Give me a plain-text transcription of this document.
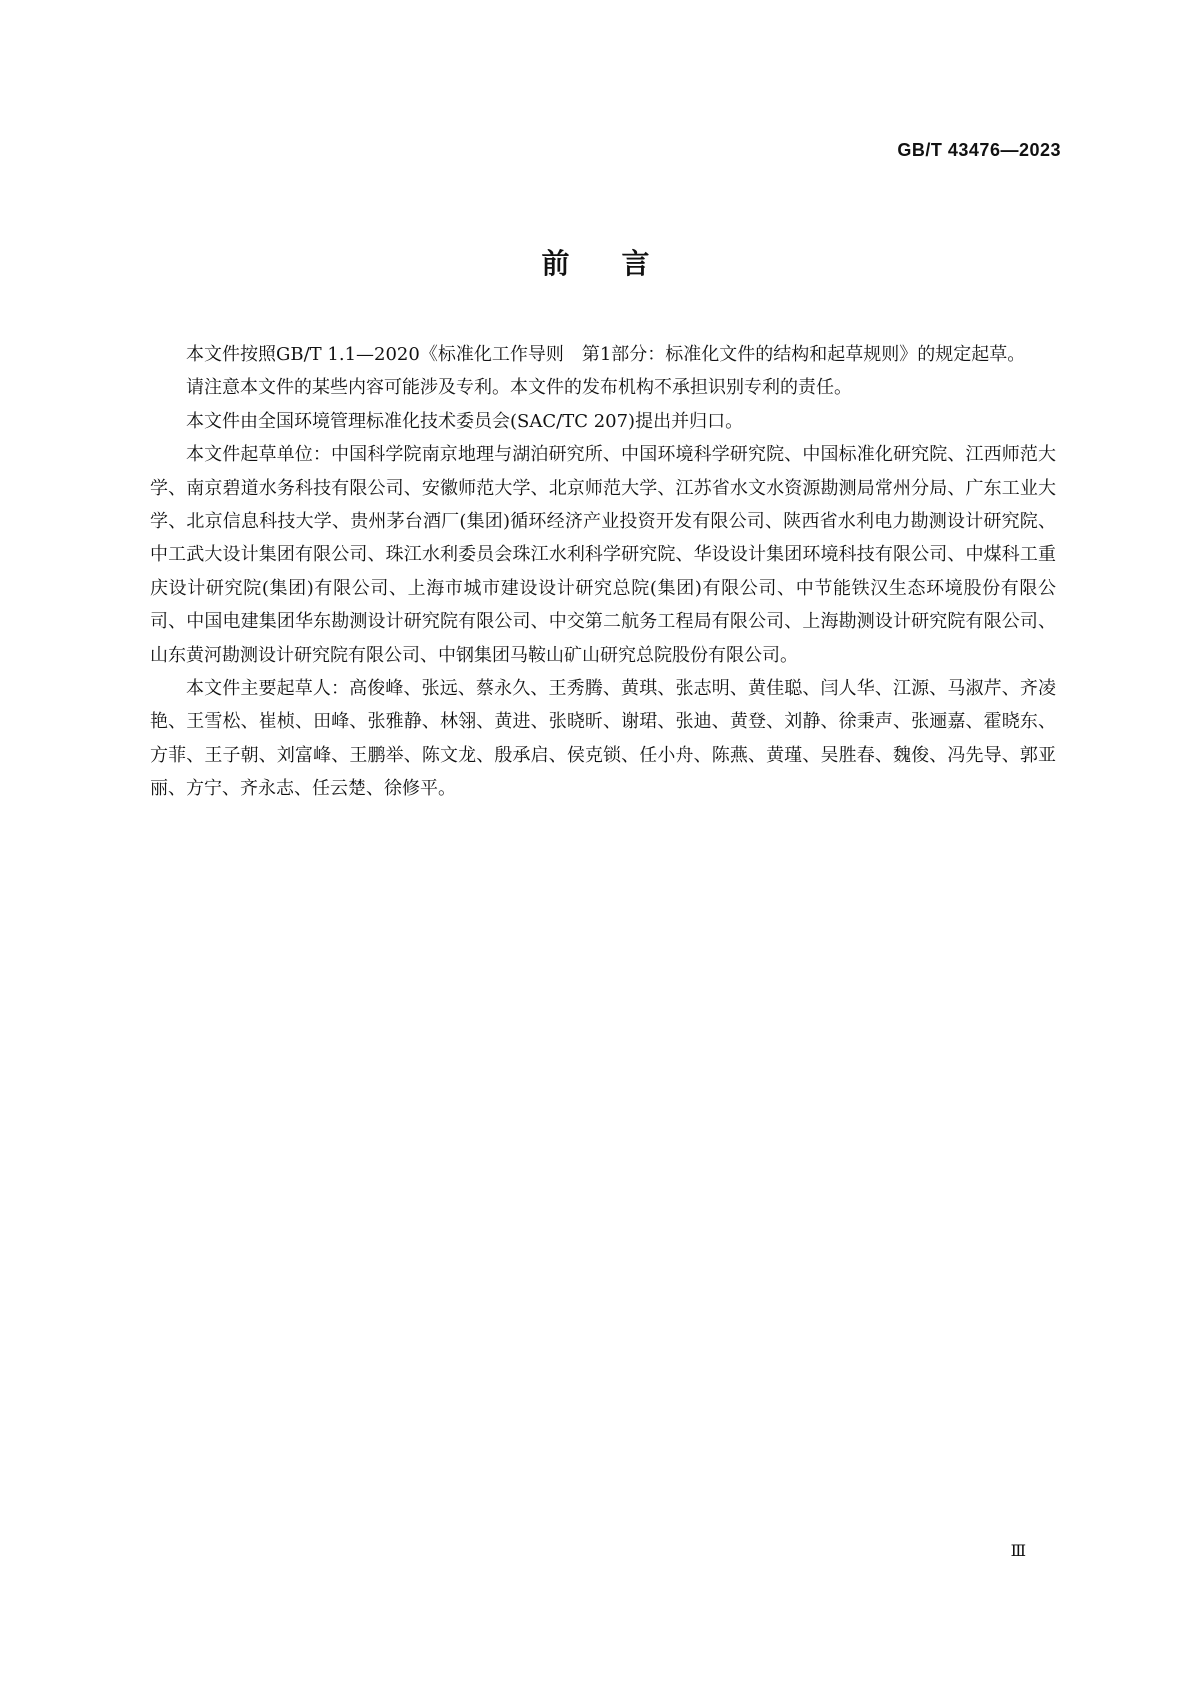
GB/T 43476—2023
前言

本文件按照GB/T 1.1—2020《标准化工作导则　第1部分：标准化文件的结构和起草规则》的规定起草。

请注意本文件的某些内容可能涉及专利。本文件的发布机构不承担识别专利的责任。

本文件由全国环境管理标准化技术委员会(SAC/TC 207)提出并归口。

本文件起草单位：中国科学院南京地理与湖泊研究所、中国环境科学研究院、中国标准化研究院、江西师范大学、南京碧道水务科技有限公司、安徽师范大学、北京师范大学、江苏省水文水资源勘测局常州分局、广东工业大学、北京信息科技大学、贵州茅台酒厂(集团)循环经济产业投资开发有限公司、陕西省水利电力勘测设计研究院、中工武大设计集团有限公司、珠江水利委员会珠江水利科学研究院、华设设计集团环境科技有限公司、中煤科工重庆设计研究院(集团)有限公司、上海市城市建设设计研究总院(集团)有限公司、中节能铁汉生态环境股份有限公司、中国电建集团华东勘测设计研究院有限公司、中交第二航务工程局有限公司、上海勘测设计研究院有限公司、山东黄河勘测设计研究院有限公司、中钢集团马鞍山矿山研究总院股份有限公司。

本文件主要起草人：高俊峰、张远、蔡永久、王秀腾、黄琪、张志明、黄佳聪、闫人华、江源、马淑芹、齐凌艳、王雪松、崔桢、田峰、张雅静、林翎、黄进、张晓昕、谢珺、张迪、黄登、刘静、徐秉声、张逦嘉、霍晓东、方菲、王子朝、刘富峰、王鹏举、陈文龙、殷承启、侯克锁、任小舟、陈燕、黄瑾、吴胜春、魏俊、冯先导、郭亚丽、方宁、齐永志、任云楚、徐修平。

Ⅲ
